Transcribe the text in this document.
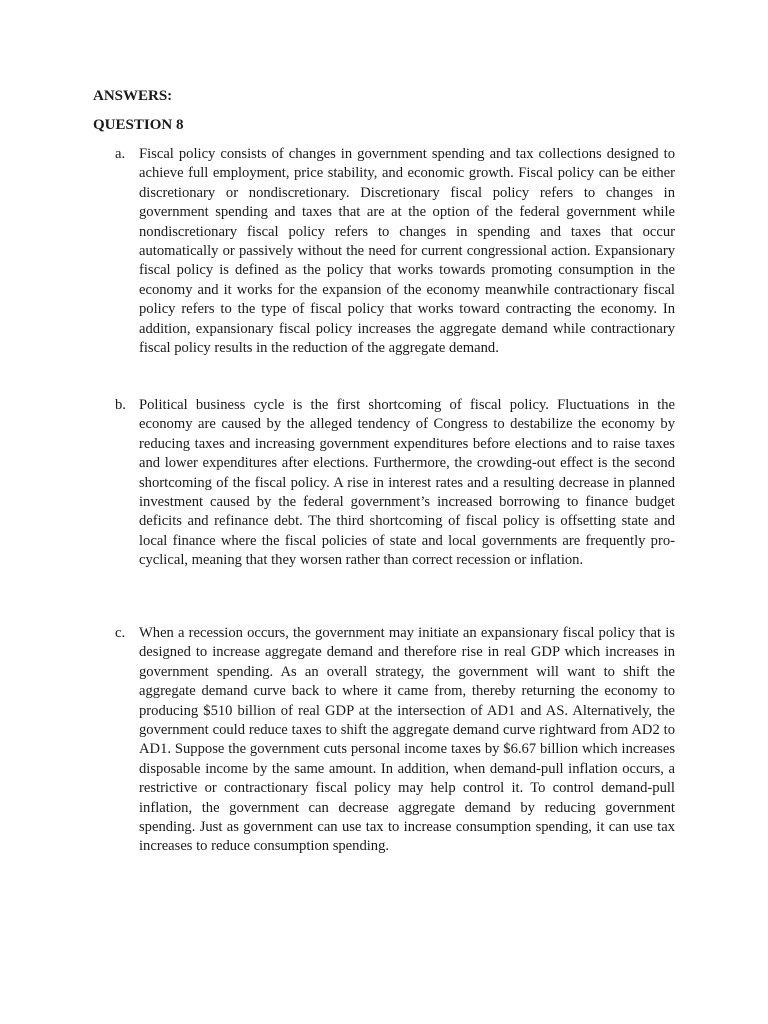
ANSWERS:
QUESTION 8
a. Fiscal policy consists of changes in government spending and tax collections designed to achieve full employment, price stability, and economic growth. Fiscal policy can be either discretionary or nondiscretionary. Discretionary fiscal policy refers to changes in government spending and taxes that are at the option of the federal government while nondiscretionary fiscal policy refers to changes in spending and taxes that occur automatically or passively without the need for current congressional action. Expansionary fiscal policy is defined as the policy that works towards promoting consumption in the economy and it works for the expansion of the economy meanwhile contractionary fiscal policy refers to the type of fiscal policy that works toward contracting the economy. In addition, expansionary fiscal policy increases the aggregate demand while contractionary fiscal policy results in the reduction of the aggregate demand.

b. Political business cycle is the first shortcoming of fiscal policy. Fluctuations in the economy are caused by the alleged tendency of Congress to destabilize the economy by reducing taxes and increasing government expenditures before elections and to raise taxes and lower expenditures after elections. Furthermore, the crowding-out effect is the second shortcoming of the fiscal policy. A rise in interest rates and a resulting decrease in planned investment caused by the federal government’s increased borrowing to finance budget deficits and refinance debt. The third shortcoming of fiscal policy is offsetting state and local finance where the fiscal policies of state and local governments are frequently pro-cyclical, meaning that they worsen rather than correct recession or inflation.

c. When a recession occurs, the government may initiate an expansionary fiscal policy that is designed to increase aggregate demand and therefore rise in real GDP which increases in government spending. As an overall strategy, the government will want to shift the aggregate demand curve back to where it came from, thereby returning the economy to producing $510 billion of real GDP at the intersection of AD1 and AS. Alternatively, the government could reduce taxes to shift the aggregate demand curve rightward from AD2 to AD1. Suppose the government cuts personal income taxes by $6.67 billion which increases disposable income by the same amount. In addition, when demand-pull inflation occurs, a restrictive or contractionary fiscal policy may help control it. To control demand-pull inflation, the government can decrease aggregate demand by reducing government spending. Just as government can use tax to increase consumption spending, it can use tax increases to reduce consumption spending.
